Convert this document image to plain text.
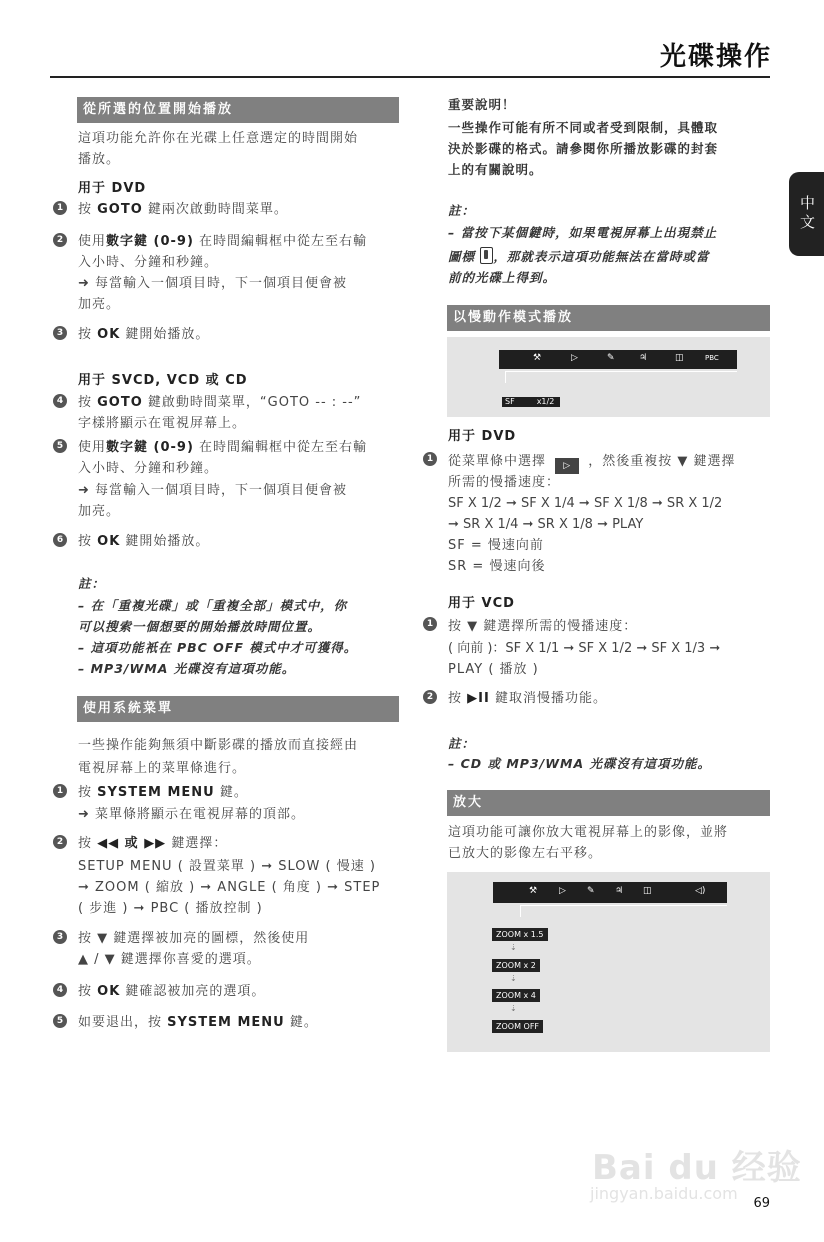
光碟操作
中文
從所選的位置開始播放
這項功能允許你在光碟上任意選定的時間開始
播放。
用于 DVD
1 按 GOTO 鍵兩次啟動時間菜單。
2 使用數字鍵 (0-9) 在時間編輯框中從左至右輸
入小時、分鐘和秒鐘。
➜ 每當輸入一個項目時，下一個項目便會被
加亮。
3 按 OK 鍵開始播放。
用于 SVCD, VCD 或 CD
4 按 GOTO 鍵啟動時間菜單，“GOTO -- : --”
字樣將顯示在電視屏幕上。
5 使用數字鍵 (0-9) 在時間編輯框中從左至右輸
入小時、分鐘和秒鐘。
➜ 每當輸入一個項目時，下一個項目便會被
加亮。
6 按 OK 鍵開始播放。
註：
– 在「重複光碟」或「重複全部」模式中，你
可以搜索一個想要的開始播放時間位置。
– 這項功能衹在 PBC OFF 模式中才可獲得。
– MP3/WMA 光碟沒有這項功能。
使用系統菜單
一些操作能夠無須中斷影碟的播放而直接經由
電視屏幕上的菜單條進行。
1 按 SYSTEM MENU 鍵。
➜ 菜單條將顯示在電視屏幕的頂部。
2 按 ◀◀ 或 ▶▶ 鍵選擇：
SETUP MENU ( 設置菜單 ) ➞ SLOW ( 慢速 )
➞ ZOOM ( 縮放 ) ➞ ANGLE ( 角度 ) ➞ STEP
( 步進 ) ➞ PBC ( 播放控制 )
3 按 ▼ 鍵選擇被加亮的圖標，然後使用
▲ / ▼ 鍵選擇你喜愛的選項。
4 按 OK 鍵確認被加亮的選項。
5 如要退出，按 SYSTEM MENU 鍵。
重要說明！
一些操作可能有所不同或者受到限制，具體取
決於影碟的格式。請參閱你所播放影碟的封套
上的有關說明。
註：
– 當按下某個鍵時，如果電視屏幕上出現禁止
圖標
，那就表示這項功能無法在當時或當
前的光碟上得到。
以慢動作模式播放
⚒	▷	✎	♃	◫	PBC
SF	x1/2
用于 DVD
1 從菜單條中選擇 ▷ ，然後重複按 ▼ 鍵選擇
所需的慢播速度：
SF X 1/2 ➞ SF X 1/4 ➞ SF X 1/8 ➞ SR X 1/2
➞ SR X 1/4 ➞ SR X 1/8 ➞ PLAY
SF = 慢速向前
SR = 慢速向後
用于 VCD
1 按 ▼ 鍵選擇所需的慢播速度：
( 向前 )：SF X 1/1 ➞ SF X 1/2 ➞ SF X 1/3 ➞
PLAY ( 播放 )
2 按 ▶II 鍵取消慢播功能。
註：
– CD 或 MP3/WMA 光碟沒有這項功能。
放大
這項功能可讓你放大電視屏幕上的影像，並將
已放大的影像左右平移。
⚒ ▷ ✎ ♃ ◫	◁)
ZOOM x 1.5
⇣
ZOOM x 2
⇣
ZOOM x 4
⇣
ZOOM OFF
Bai du 经验
jingyan.baidu.com
69
